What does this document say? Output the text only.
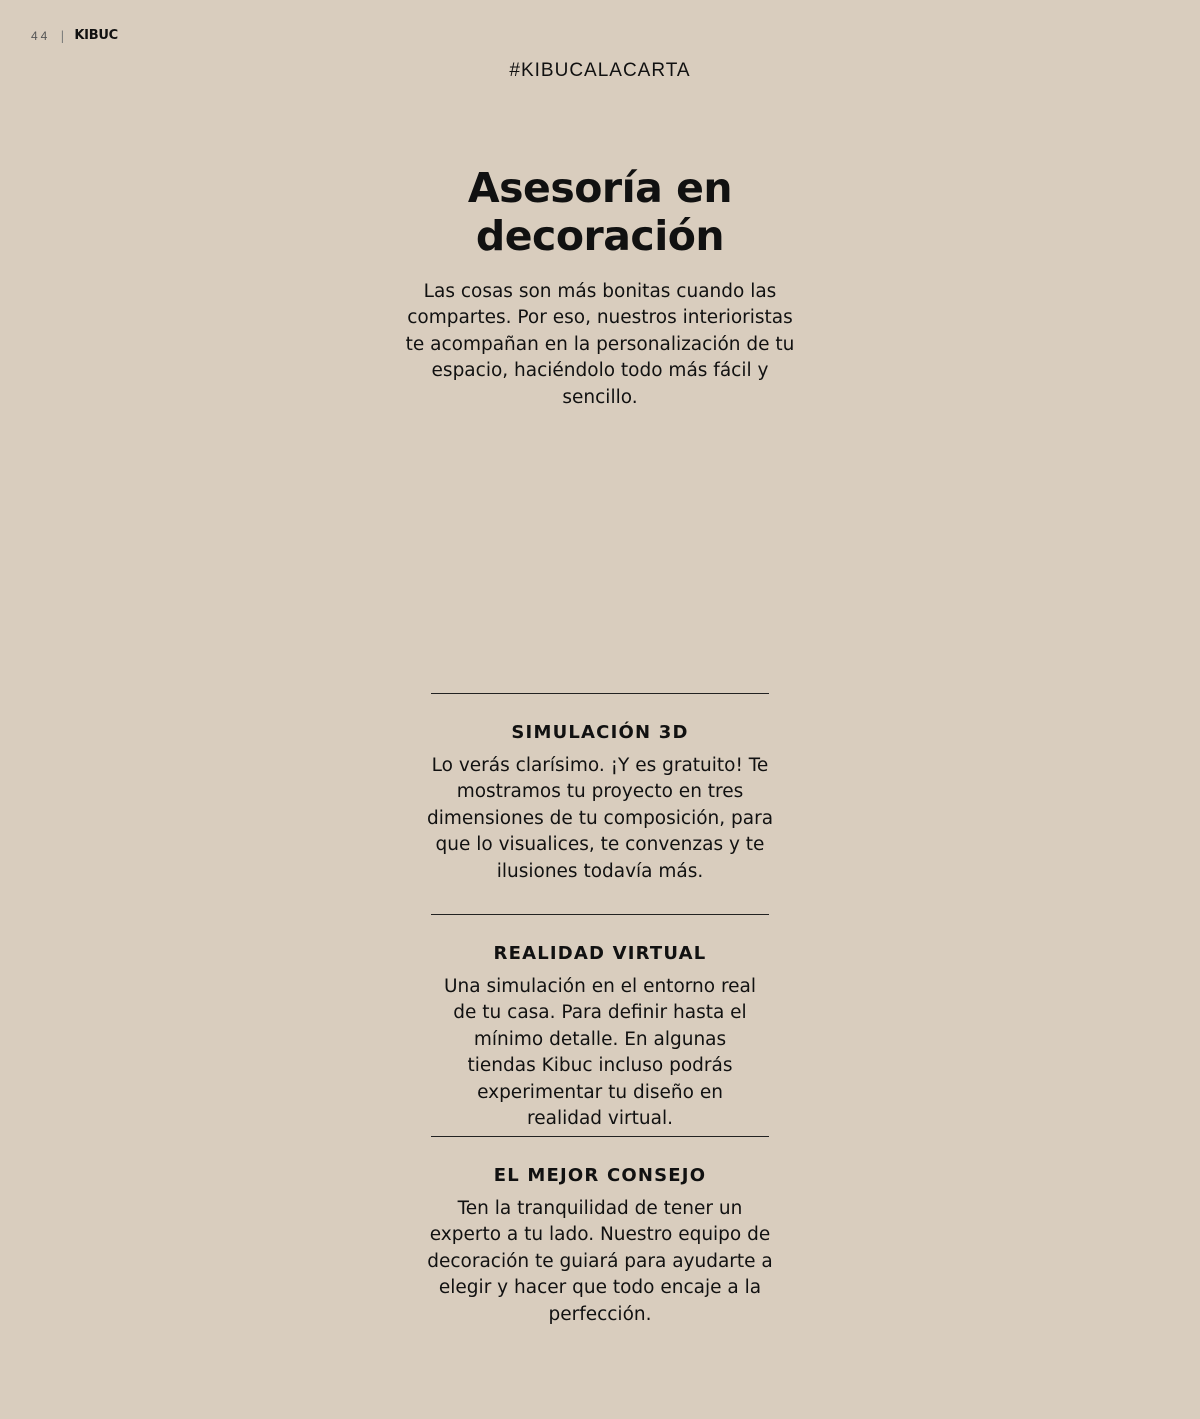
44 | KIBUC
#KIBUCALACARTA
Asesoría en
decoración

Las cosas son más bonitas cuando las compartes. Por eso, nuestros interioristas te acompañan en la personalización de tu espacio, haciéndolo todo más fácil y sencillo.

SIMULACIÓN 3D

Lo verás clarísimo. ¡Y es gratuito! Te mostramos tu proyecto en tres dimensiones de tu composición, para que lo visualices, te convenzas y te ilusiones todavía más.

REALIDAD VIRTUAL

Una simulación en el entorno real de tu casa. Para definir hasta el mínimo detalle. En algunas tiendas Kibuc incluso podrás experimentar tu diseño en realidad virtual.

EL MEJOR CONSEJO

Ten la tranquilidad de tener un experto a tu lado. Nuestro equipo de decoración te guiará para ayudarte a elegir y hacer que todo encaje a la perfección.
